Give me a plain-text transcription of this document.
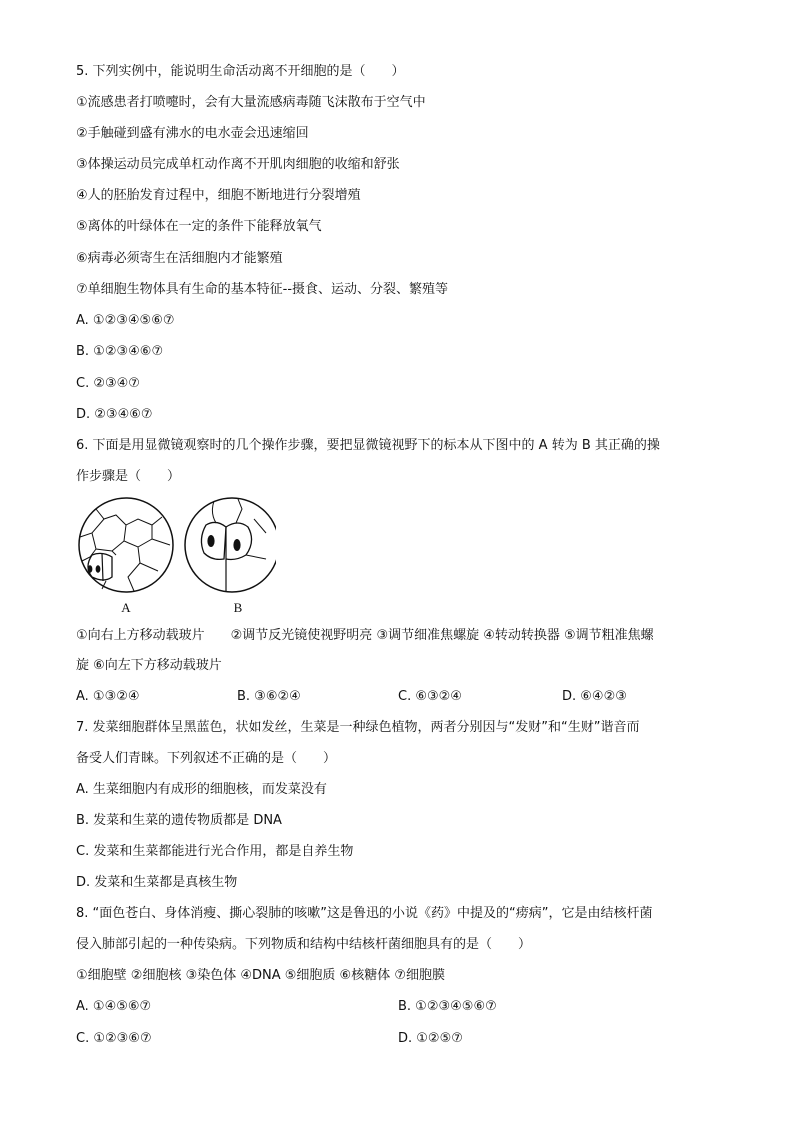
5. 下列实例中，能说明生命活动离不开细胞的是（　　）
①流感患者打喷嚏时，会有大量流感病毒随飞沫散布于空气中
②手触碰到盛有沸水的电水壶会迅速缩回
③体操运动员完成单杠动作离不开肌肉细胞的收缩和舒张
④人的胚胎发育过程中，细胞不断地进行分裂增殖
⑤离体的叶绿体在一定的条件下能释放氧气
⑥病毒必须寄生在活细胞内才能繁殖
⑦单细胞生物体具有生命的基本特征--摄食、运动、分裂、繁殖等
A. ①②③④⑤⑥⑦
B. ①②③④⑥⑦
C. ②③④⑦
D. ②③④⑥⑦
6. 下面是用显微镜观察时的几个操作步骤，要把显微镜视野下的标本从下图中的 A 转为 B 其正确的操
作步骤是（　　）
A	B
①向右上方移动载玻片　　②调节反光镜使视野明亮 ③调节细准焦螺旋 ④转动转换器 ⑤调节粗准焦螺
旋 ⑥向左下方移动载玻片
A. ①③②④	B. ③⑥②④	C. ⑥③②④	D. ⑥④②③
7. 发菜细胞群体呈黑蓝色，状如发丝，生菜是一种绿色植物，两者分别因与“发财”和“生财”谐音而
备受人们青睐。下列叙述不正确的是（　　）
A. 生菜细胞内有成形的细胞核，而发菜没有
B. 发菜和生菜的遗传物质都是 DNA
C. 发菜和生菜都能进行光合作用，都是自养生物
D. 发菜和生菜都是真核生物
8. “面色苍白、身体消瘦、撕心裂肺的咳嗽”这是鲁迅的小说《药》中提及的“痨病”，它是由结核杆菌
侵入肺部引起的一种传染病。下列物质和结构中结核杆菌细胞具有的是（　　）
①细胞壁 ②细胞核 ③染色体 ④DNA ⑤细胞质 ⑥核糖体 ⑦细胞膜
A. ①④⑤⑥⑦	B. ①②③④⑤⑥⑦
C. ①②③⑥⑦	D. ①②⑤⑦
